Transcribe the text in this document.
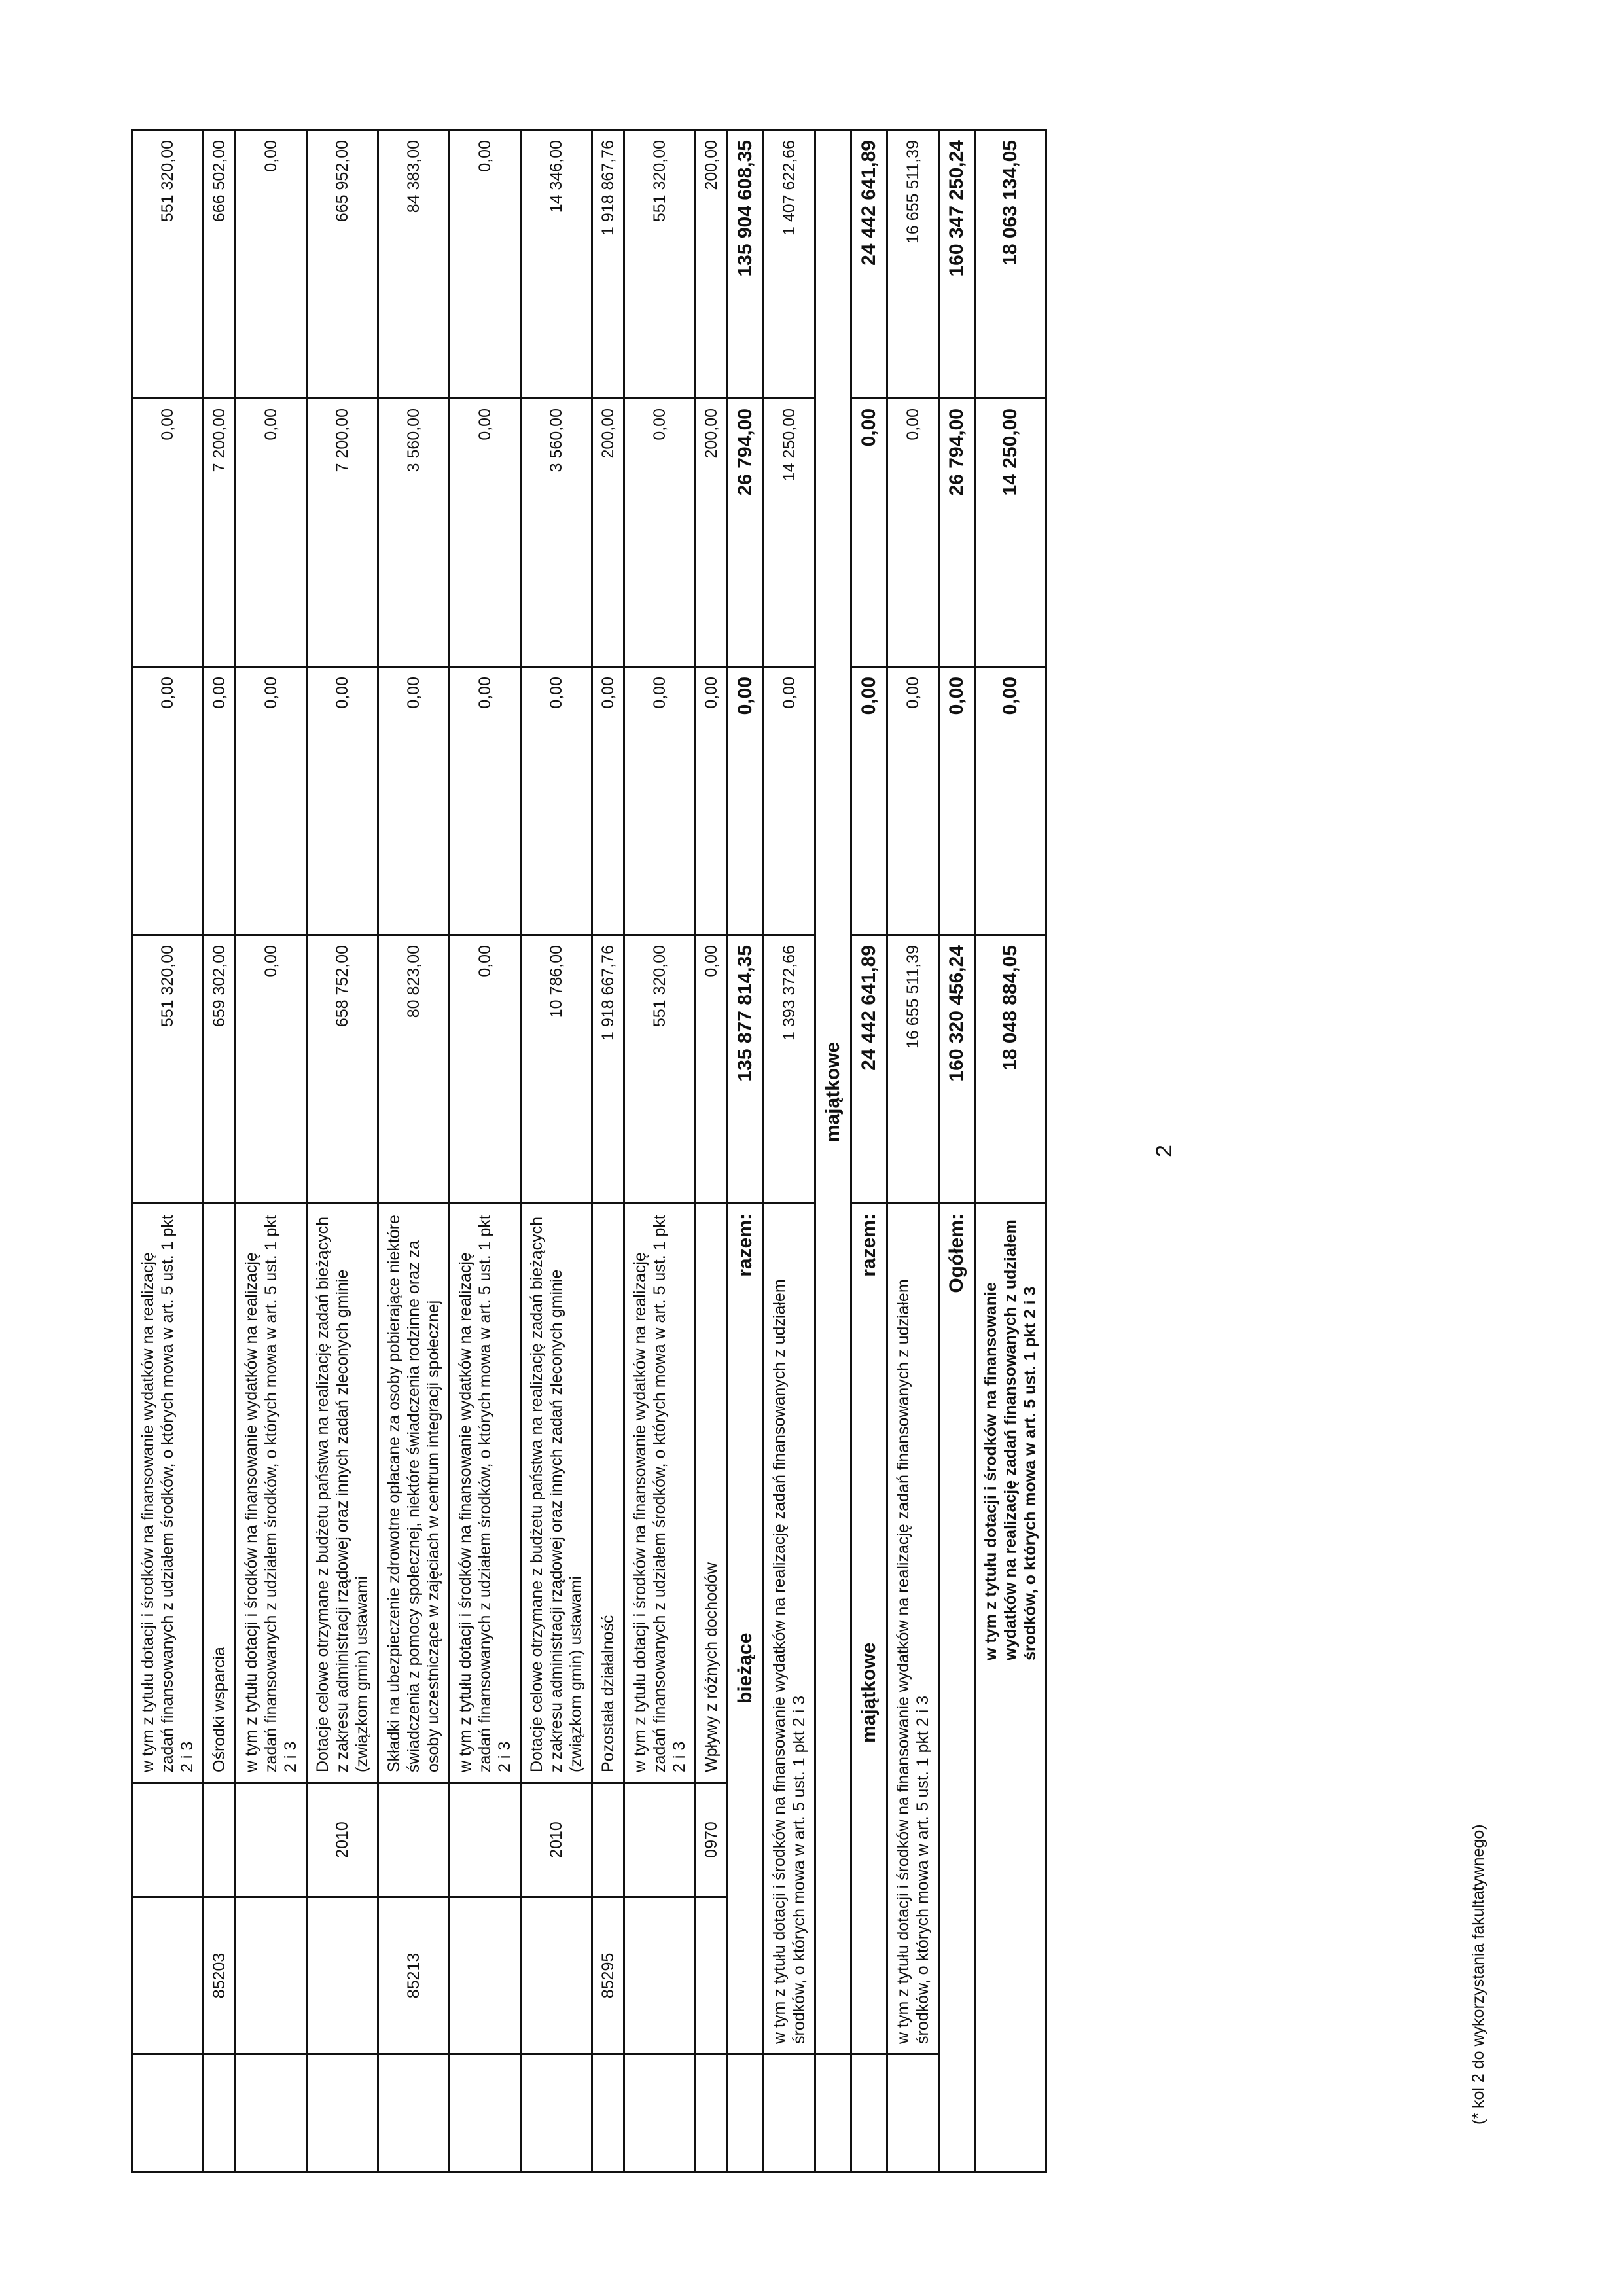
			w tym z tytułu dotacji i środków na finansowanie wydatków na realizację zadań finansowanych z udziałem środków, o których mowa w art. 5 ust. 1 pkt 2 i 3	551 320,00	0,00	0,00	551 320,00
	85203		Ośrodki wsparcia	659 302,00	0,00	7 200,00	666 502,00
			w tym z tytułu dotacji i środków na finansowanie wydatków na realizację zadań finansowanych z udziałem środków, o których mowa w art. 5 ust. 1 pkt 2 i 3	0,00	0,00	0,00	0,00
		2010	Dotacje celowe otrzymane z budżetu państwa na realizację zadań bieżących z zakresu administracji rządowej oraz innych zadań zleconych gminie (związkom gmin) ustawami	658 752,00	0,00	7 200,00	665 952,00
	85213		Składki na ubezpieczenie zdrowotne opłacane za osoby pobierające niektóre świadczenia z pomocy społecznej, niektóre świadczenia rodzinne oraz za osoby uczestniczące w zajęciach w centrum integracji społecznej	80 823,00	0,00	3 560,00	84 383,00
			w tym z tytułu dotacji i środków na finansowanie wydatków na realizację zadań finansowanych z udziałem środków, o których mowa w art. 5 ust. 1 pkt 2 i 3	0,00	0,00	0,00	0,00
		2010	Dotacje celowe otrzymane z budżetu państwa na realizację zadań bieżących z zakresu administracji rządowej oraz innych zadań zleconych gminie (związkom gmin) ustawami	10 786,00	0,00	3 560,00	14 346,00
	85295		Pozostała działalność	1 918 667,76	0,00	200,00	1 918 867,76
			w tym z tytułu dotacji i środków na finansowanie wydatków na realizację zadań finansowanych z udziałem środków, o których mowa w art. 5 ust. 1 pkt 2 i 3	551 320,00	0,00	0,00	551 320,00
		0970	Wpływy z różnych dochodów	0,00	0,00	200,00	200,00

	bieżące
razem:			135 877 814,35	0,00	26 794,00	135 904 608,35
	w tym z tytułu dotacji i środków na finansowanie wydatków na realizację zadań finansowanych z udziałem środków, o których mowa w art. 5 ust. 1 pkt 2 i 3			1 393 372,66	0,00	14 250,00	1 407 622,66
	majątkowe						

	majątkowe
razem:			24 442 641,89	0,00	0,00	24 442 641,89
	w tym z tytułu dotacji i środków na finansowanie wydatków na realizację zadań finansowanych z udziałem środków, o których mowa w art. 5 ust. 1 pkt 2 i 3			16 655 511,39	0,00	0,00	16 655 511,39
Ogółem:				160 320 456,24	0,00	26 794,00	160 347 250,24
w tym z tytułu dotacji i środków na finansowanie wydatków na realizację zadań finansowanych z udziałem środków, o których mowa w art. 5 ust. 1 pkt 2 i 3				18 048 884,05	0,00	14 250,00	18 063 134,05
2
(* kol 2 do wykorzystania fakultatywnego)
